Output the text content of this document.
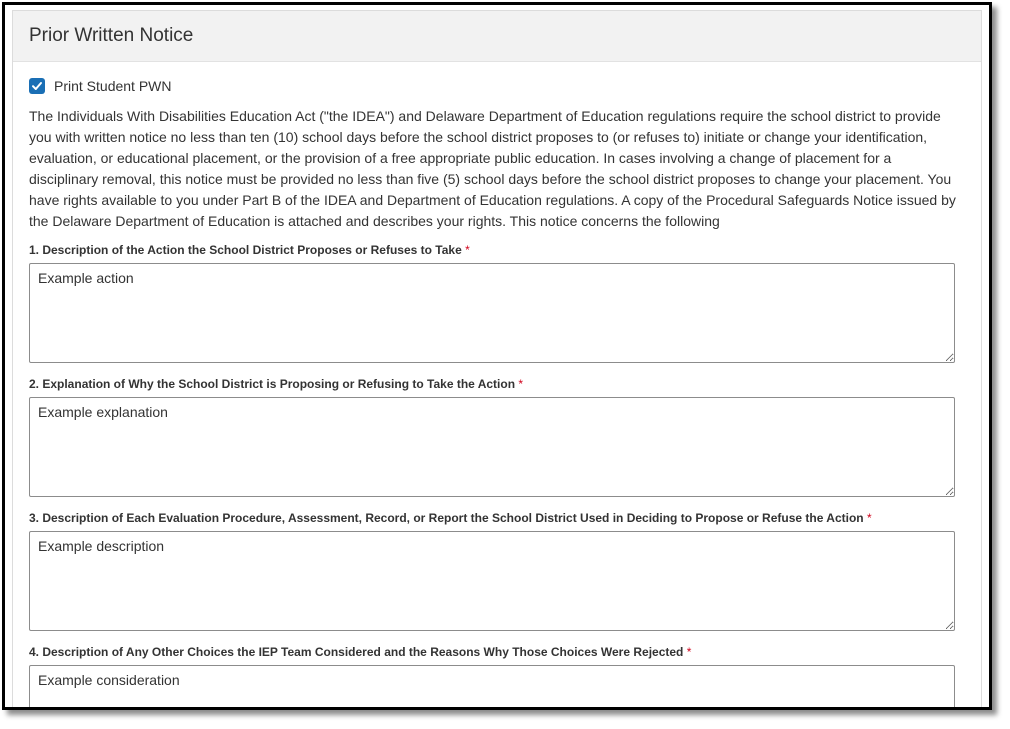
Prior Written Notice
Print Student PWN

The Individuals With Disabilities Education Act ("the IDEA") and Delaware Department of Education regulations require the school district to provide you with written notice no less than ten (10) school days before the school district proposes to (or refuses to) initiate or change your identification, evaluation, or educational placement, or the provision of a free appropriate public education. In cases involving a change of placement for a disciplinary removal, this notice must be provided no less than five (5) school days before the school district proposes to change your placement. You have rights available to you under Part B of the IDEA and Department of Education regulations. A copy of the Procedural Safeguards Notice issued by the Delaware Department of Education is attached and describes your rights. This notice concerns the following

1. Description of the Action the School District Proposes or Refuses to Take *
Example action
2. Explanation of Why the School District is Proposing or Refusing to Take the Action *
Example explanation
3. Description of Each Evaluation Procedure, Assessment, Record, or Report the School District Used in Deciding to Propose or Refuse the Action *
Example description
4. Description of Any Other Choices the IEP Team Considered and the Reasons Why Those Choices Were Rejected *
Example consideration
